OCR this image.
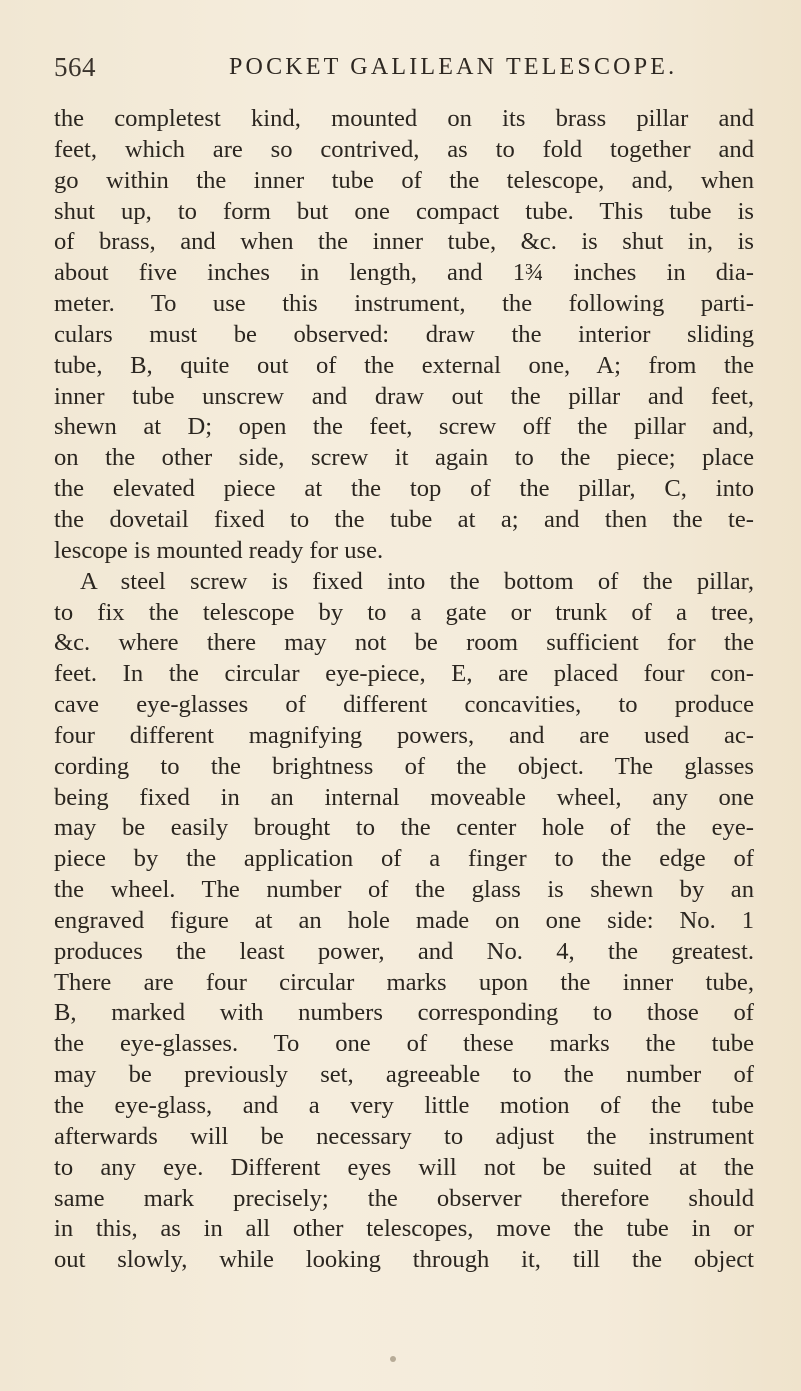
564	POCKET GALILEAN TELESCOPE.
the completest kind, mounted on its brass pillar and
feet, which are so contrived, as to fold together and
go within the inner tube of the telescope, and, when
shut up, to form but one compact tube. This tube is
of brass, and when the inner tube, &c. is shut in, is
about five inches in length, and 1¾ inches in dia-
meter. To use this instrument, the following parti-
culars must be observed: draw the interior sliding
tube, B, quite out of the external one, A; from the
inner tube unscrew and draw out the pillar and feet,
shewn at D; open the feet, screw off the pillar and,
on the other side, screw it again to the piece; place
the elevated piece at the top of the pillar, C, into
the dovetail fixed to the tube at a; and then the te-
lescope is mounted ready for use.
A steel screw is fixed into the bottom of the pillar,
to fix the telescope by to a gate or trunk of a tree,
&c. where there may not be room sufficient for the
feet. In the circular eye-piece, E, are placed four con-
cave eye-glasses of different concavities, to produce
four different magnifying powers, and are used ac-
cording to the brightness of the object. The glasses
being fixed in an internal moveable wheel, any one
may be easily brought to the center hole of the eye-
piece by the application of a finger to the edge of
the wheel. The number of the glass is shewn by an
engraved figure at an hole made on one side: No. 1
produces the least power, and No. 4, the greatest.
There are four circular marks upon the inner tube,
B, marked with numbers corresponding to those of
the eye-glasses. To one of these marks the tube
may be previously set, agreeable to the number of
the eye-glass, and a very little motion of the tube
afterwards will be necessary to adjust the instrument
to any eye. Different eyes will not be suited at the
same mark precisely; the observer therefore should
in this, as in all other telescopes, move the tube in or
out slowly, while looking through it, till the object
